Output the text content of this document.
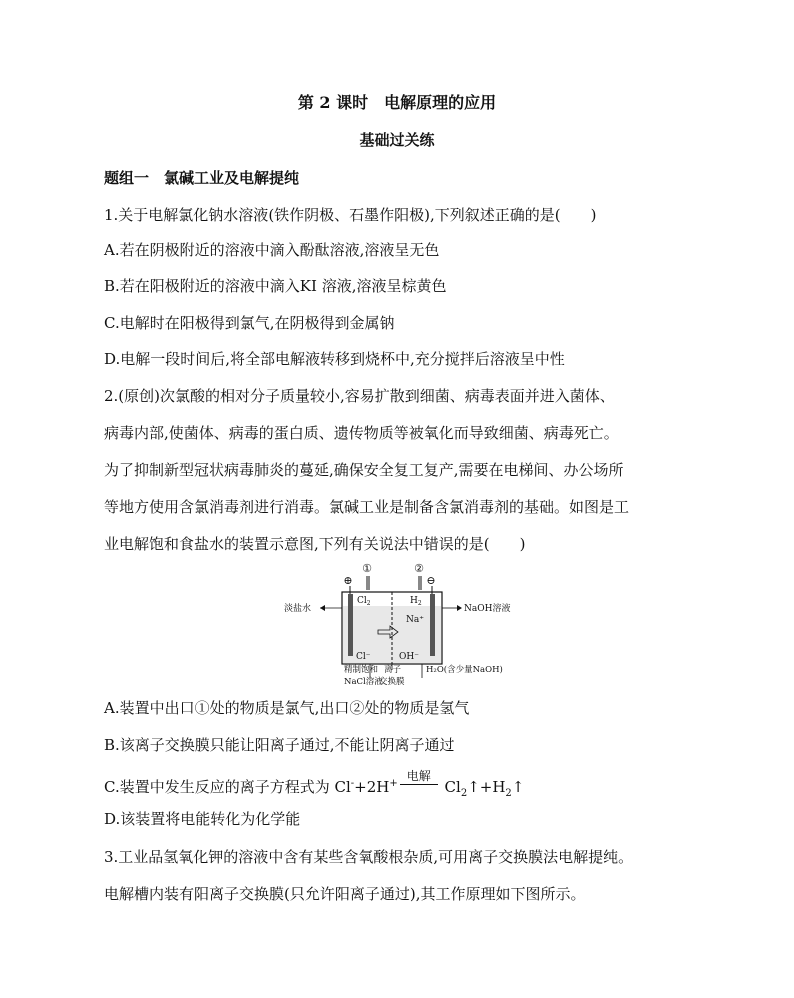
第 2 课时　电解原理的应用
基础过关练
题组一　氯碱工业及电解提纯
1.关于电解氯化钠水溶液(铁作阴极、石墨作阳极),下列叙述正确的是(　　)
A.若在阴极附近的溶液中滴入酚酞溶液,溶液呈无色
B.若在阳极附近的溶液中滴入KI 溶液,溶液呈棕黄色
C.电解时在阳极得到氯气,在阴极得到金属钠
D.电解一段时间后,将全部电解液转移到烧杯中,充分搅拌后溶液呈中性
2.(原创)次氯酸的相对分子质量较小,容易扩散到细菌、病毒表面并进入菌体、
病毒内部,使菌体、病毒的蛋白质、遗传物质等被氧化而导致细菌、病毒死亡。
为了抑制新型冠状病毒肺炎的蔓延,确保安全复工复产,需要在电梯间、办公场所
等地方使用含氯消毒剂进行消毒。氯碱工业是制备含氯消毒剂的基础。如图是工
业电解饱和食盐水的装置示意图,下列有关说法中错误的是(　　)
①	②
⊕	⊖
$Cl_2$	$H_2$
Na⁺
Cl⁻	OH⁻
淡盐水	NaOH溶液
精制饱和
NaCl溶液
离子
交换膜
H₂O(含少量NaOH)
A.装置中出口①处的物质是氯气,出口②处的物质是氢气
B.该离子交换膜只能让阳离子通过,不能让阴离子通过
C.装置中发生反应的离子方程式为 Cl-+2H+
电解
$Cl_2↑+H_2↑$
D.该装置将电能转化为化学能
3.工业品氢氧化钾的溶液中含有某些含氧酸根杂质,可用离子交换膜法电解提纯。
电解槽内装有阳离子交换膜(只允许阳离子通过),其工作原理如下图所示。
